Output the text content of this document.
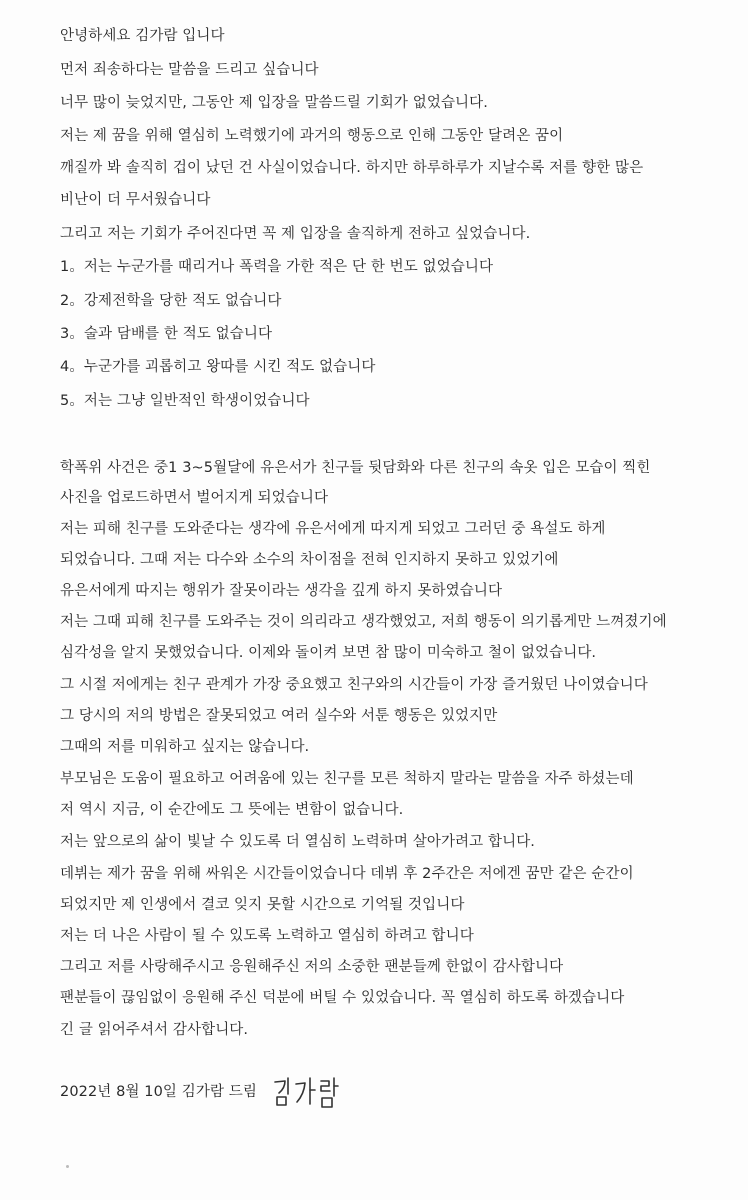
안녕하세요 김가람 입니다
먼저 죄송하다는 말씀을 드리고 싶습니다
너무 많이 늦었지만, 그동안 제 입장을 말씀드릴 기회가 없었습니다.
저는 제 꿈을 위해 열심히 노력했기에 과거의 행동으로 인해 그동안 달려온 꿈이
깨질까 봐 솔직히 겁이 났던 건 사실이었습니다. 하지만 하루하루가 지날수록 저를 향한 많은
비난이 더 무서웠습니다
그리고 저는 기회가 주어진다면 꼭 제 입장을 솔직하게 전하고 싶었습니다.
1。저는 누군가를 때리거나 폭력을 가한 적은 단 한 번도 없었습니다
2。강제전학을 당한 적도 없습니다
3。술과 담배를 한 적도 없습니다
4。누군가를 괴롭히고 왕따를 시킨 적도 없습니다
5。저는 그냥 일반적인 학생이었습니다
학폭위 사건은 중1 3~5월달에 유은서가 친구들 뒷담화와 다른 친구의 속옷 입은 모습이 찍힌
사진을 업로드하면서 벌어지게 되었습니다
저는 피해 친구를 도와준다는 생각에 유은서에게 따지게 되었고 그러던 중 욕설도 하게
되었습니다. 그때 저는 다수와 소수의 차이점을 전혀 인지하지 못하고 있었기에
유은서에게 따지는 행위가 잘못이라는 생각을 깊게 하지 못하였습니다
저는 그때 피해 친구를 도와주는 것이 의리라고 생각했었고, 저희 행동이 의기롭게만 느껴졌기에
심각성을 알지 못했었습니다. 이제와 돌이켜 보면 참 많이 미숙하고 철이 없었습니다.
그 시절 저에게는 친구 관계가 가장 중요했고 친구와의 시간들이 가장 즐거웠던 나이였습니다
그 당시의 저의 방법은 잘못되었고 여러 실수와 서툰 행동은 있었지만
그때의 저를 미워하고 싶지는 않습니다.
부모님은 도움이 필요하고 어려움에 있는 친구를 모른 척하지 말라는 말씀을 자주 하셨는데
저 역시 지금, 이 순간에도 그 뜻에는 변함이 없습니다.
저는 앞으로의 삶이 빛날 수 있도록 더 열심히 노력하며 살아가려고 합니다.
데뷔는 제가 꿈을 위해 싸워온 시간들이었습니다 데뷔 후 2주간은 저에겐 꿈만 같은 순간이
되었지만 제 인생에서 결코 잊지 못할 시간으로 기억될 것입니다
저는 더 나은 사람이 될 수 있도록 노력하고 열심히 하려고 합니다
그리고 저를 사랑해주시고 응원해주신 저의 소중한 팬분들께 한없이 감사합니다
팬분들이 끊임없이 응원해 주신 덕분에 버틸 수 있었습니다. 꼭 열심히 하도록 하겠습니다
긴 글 읽어주셔서 감사합니다.
2022년 8월 10일 김가람 드림
